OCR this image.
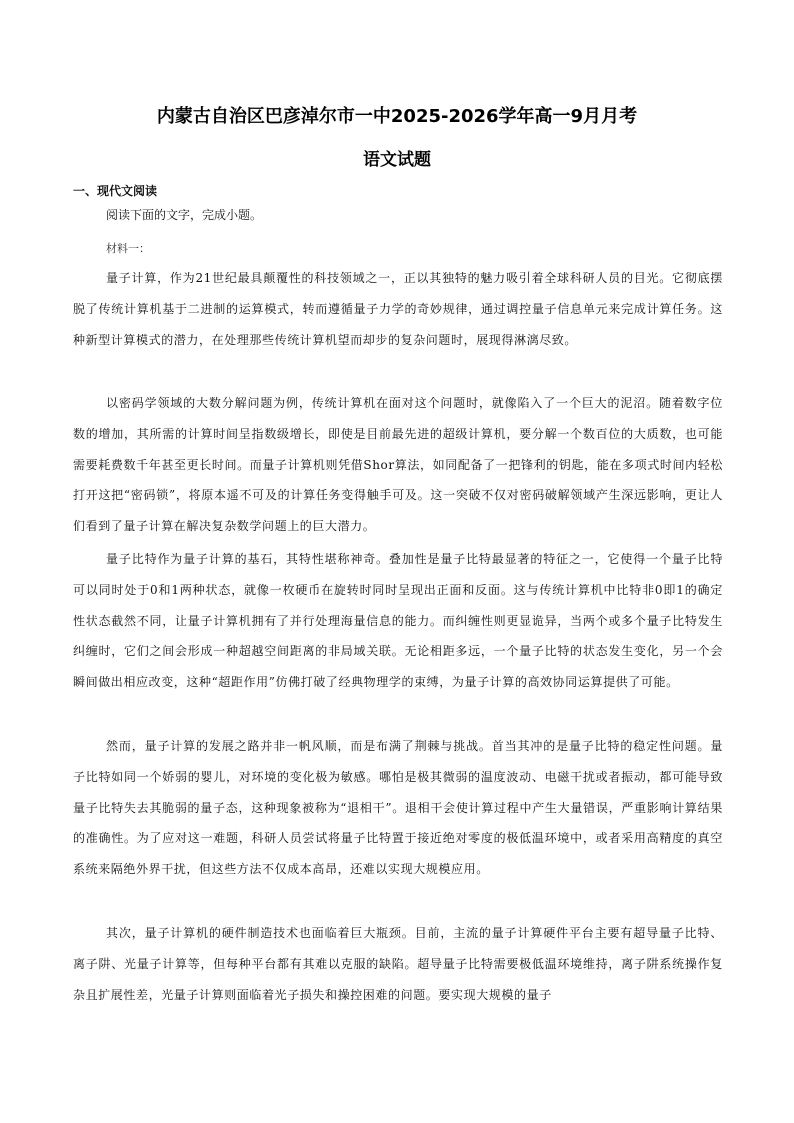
内蒙古自治区巴彦淖尔市一中2025-2026学年高一9月月考
语文试题
一、现代文阅读
阅读下面的文字，完成小题。
材料一：
量子计算，作为21世纪最具颠覆性的科技领域之一，正以其独特的魅力吸引着全球科研人员的目光。它彻底摆脱了传统计算机基于二进制的运算模式，转而遵循量子力学的奇妙规律，通过调控量子信息单元来完成计算任务。这种新型计算模式的潜力，在处理那些传统计算机望而却步的复杂问题时，展现得淋漓尽致。
以密码学领域的大数分解问题为例，传统计算机在面对这个问题时，就像陷入了一个巨大的泥沼。随着数字位数的增加，其所需的计算时间呈指数级增长，即使是目前最先进的超级计算机，要分解一个数百位的大质数，也可能需要耗费数千年甚至更长时间。而量子计算机则凭借Shor算法，如同配备了一把锋利的钥匙，能在多项式时间内轻松打开这把“密码锁”，将原本遥不可及的计算任务变得触手可及。这一突破不仅对密码破解领域产生深远影响，更让人们看到了量子计算在解决复杂数学问题上的巨大潜力。
量子比特作为量子计算的基石，其特性堪称神奇。叠加性是量子比特最显著的特征之一，它使得一个量子比特可以同时处于0和1两种状态，就像一枚硬币在旋转时同时呈现出正面和反面。这与传统计算机中比特非0即1的确定性状态截然不同，让量子计算机拥有了并行处理海量信息的能力。而纠缠性则更显诡异，当两个或多个量子比特发生纠缠时，它们之间会形成一种超越空间距离的非局域关联。无论相距多远，一个量子比特的状态发生变化，另一个会瞬间做出相应改变，这种“超距作用”仿佛打破了经典物理学的束缚，为量子计算的高效协同运算提供了可能。
然而，量子计算的发展之路并非一帆风顺，而是布满了荆棘与挑战。首当其冲的是量子比特的稳定性问题。量子比特如同一个娇弱的婴儿，对环境的变化极为敏感。哪怕是极其微弱的温度波动、电磁干扰或者振动，都可能导致量子比特失去其脆弱的量子态，这种现象被称为“退相干”。退相干会使计算过程中产生大量错误，严重影响计算结果的准确性。为了应对这一难题，科研人员尝试将量子比特置于接近绝对零度的极低温环境中，或者采用高精度的真空系统来隔绝外界干扰，但这些方法不仅成本高昂，还难以实现大规模应用。
其次，量子计算机的硬件制造技术也面临着巨大瓶颈。目前，主流的量子计算硬件平台主要有超导量子比特、离子阱、光量子计算等，但每种平台都有其难以克服的缺陷。超导量子比特需要极低温环境维持，离子阱系统操作复杂且扩展性差，光量子计算则面临着光子损失和操控困难的问题。要实现大规模的量子
